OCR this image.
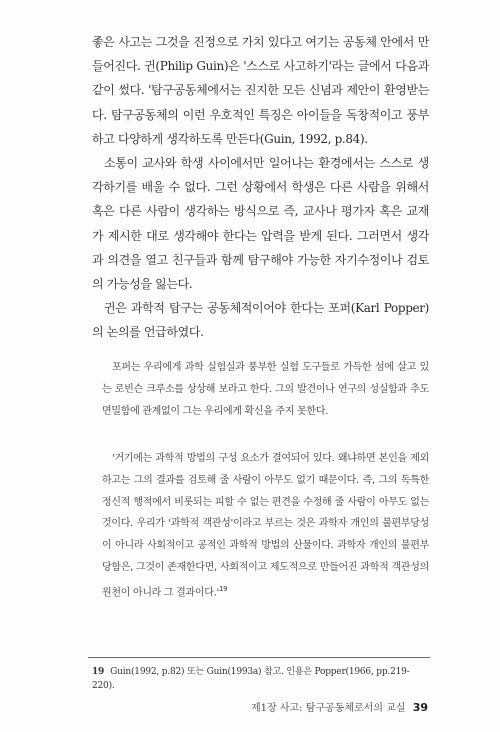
좋은 사고는 그것을 진정으로 가치 있다고 여기는 공동체 안에서 만들어진다. 귄(Philip Guin)은 '스스로 사고하기'라는 글에서 다음과 같이 썼다. '탐구공동체에서는 진지한 모든 신념과 제안이 환영받는다. 탐구공동체의 이런 우호적인 특징은 아이들을 독창적이고 풍부하고 다양하게 생각하도록 만든다(Guin, 1992, p.84).

소통이 교사와 학생 사이에서만 일어나는 환경에서는 스스로 생각하기를 배울 수 없다. 그런 상황에서 학생은 다른 사람을 위해서 혹은 다른 사람이 생각하는 방식으로 즉, 교사나 평가자 혹은 교재가 제시한 대로 생각해야 한다는 압력을 받게 된다. 그러면서 생각과 의견을 열고 친구들과 함께 탐구해야 가능한 자기수정이나 검토의 가능성을 잃는다.

귄은 과학적 탐구는 공동체적이어야 한다는 포퍼(Karl Popper)의 논의를 언급하였다.

포퍼는 우리에게 과학 실험실과 풍부한 실험 도구들로 가득한 섬에 살고 있는 로빈슨 크루소를 상상해 보라고 한다. 그의 발견이나 연구의 성실함과 추도면밀함에 관계없이 그는 우리에게 확신을 주지 못한다.

'거기에는 과학적 방법의 구성 요소가 결여되어 있다. 왜냐하면 본인을 제외하고는 그의 결과를 검토해 줄 사람이 아무도 없기 때문이다. 즉, 그의 독특한 정신적 행적에서 비롯되는 피할 수 없는 편견을 수정해 줄 사람이 아무도 없는 것이다. 우리가 '과학적 객관성'이라고 부르는 것은 과학자 개인의 불편부당성이 아니라 사회적이고 공적인 과학적 방법의 산물이다. 과학자 개인의 불편부당함은, 그것이 존재한다면, 사회적이고 제도적으로 만들어진 과학적 객관성의 원천이 아니라 그 결과이다$.'^{19}$

19 Guin(1992, p.82) 또는 Guin(1993a) 참고. 인용은 Popper(1966, pp.219-220).
제1장 사고: 탐구공동체로서의 교실 39
